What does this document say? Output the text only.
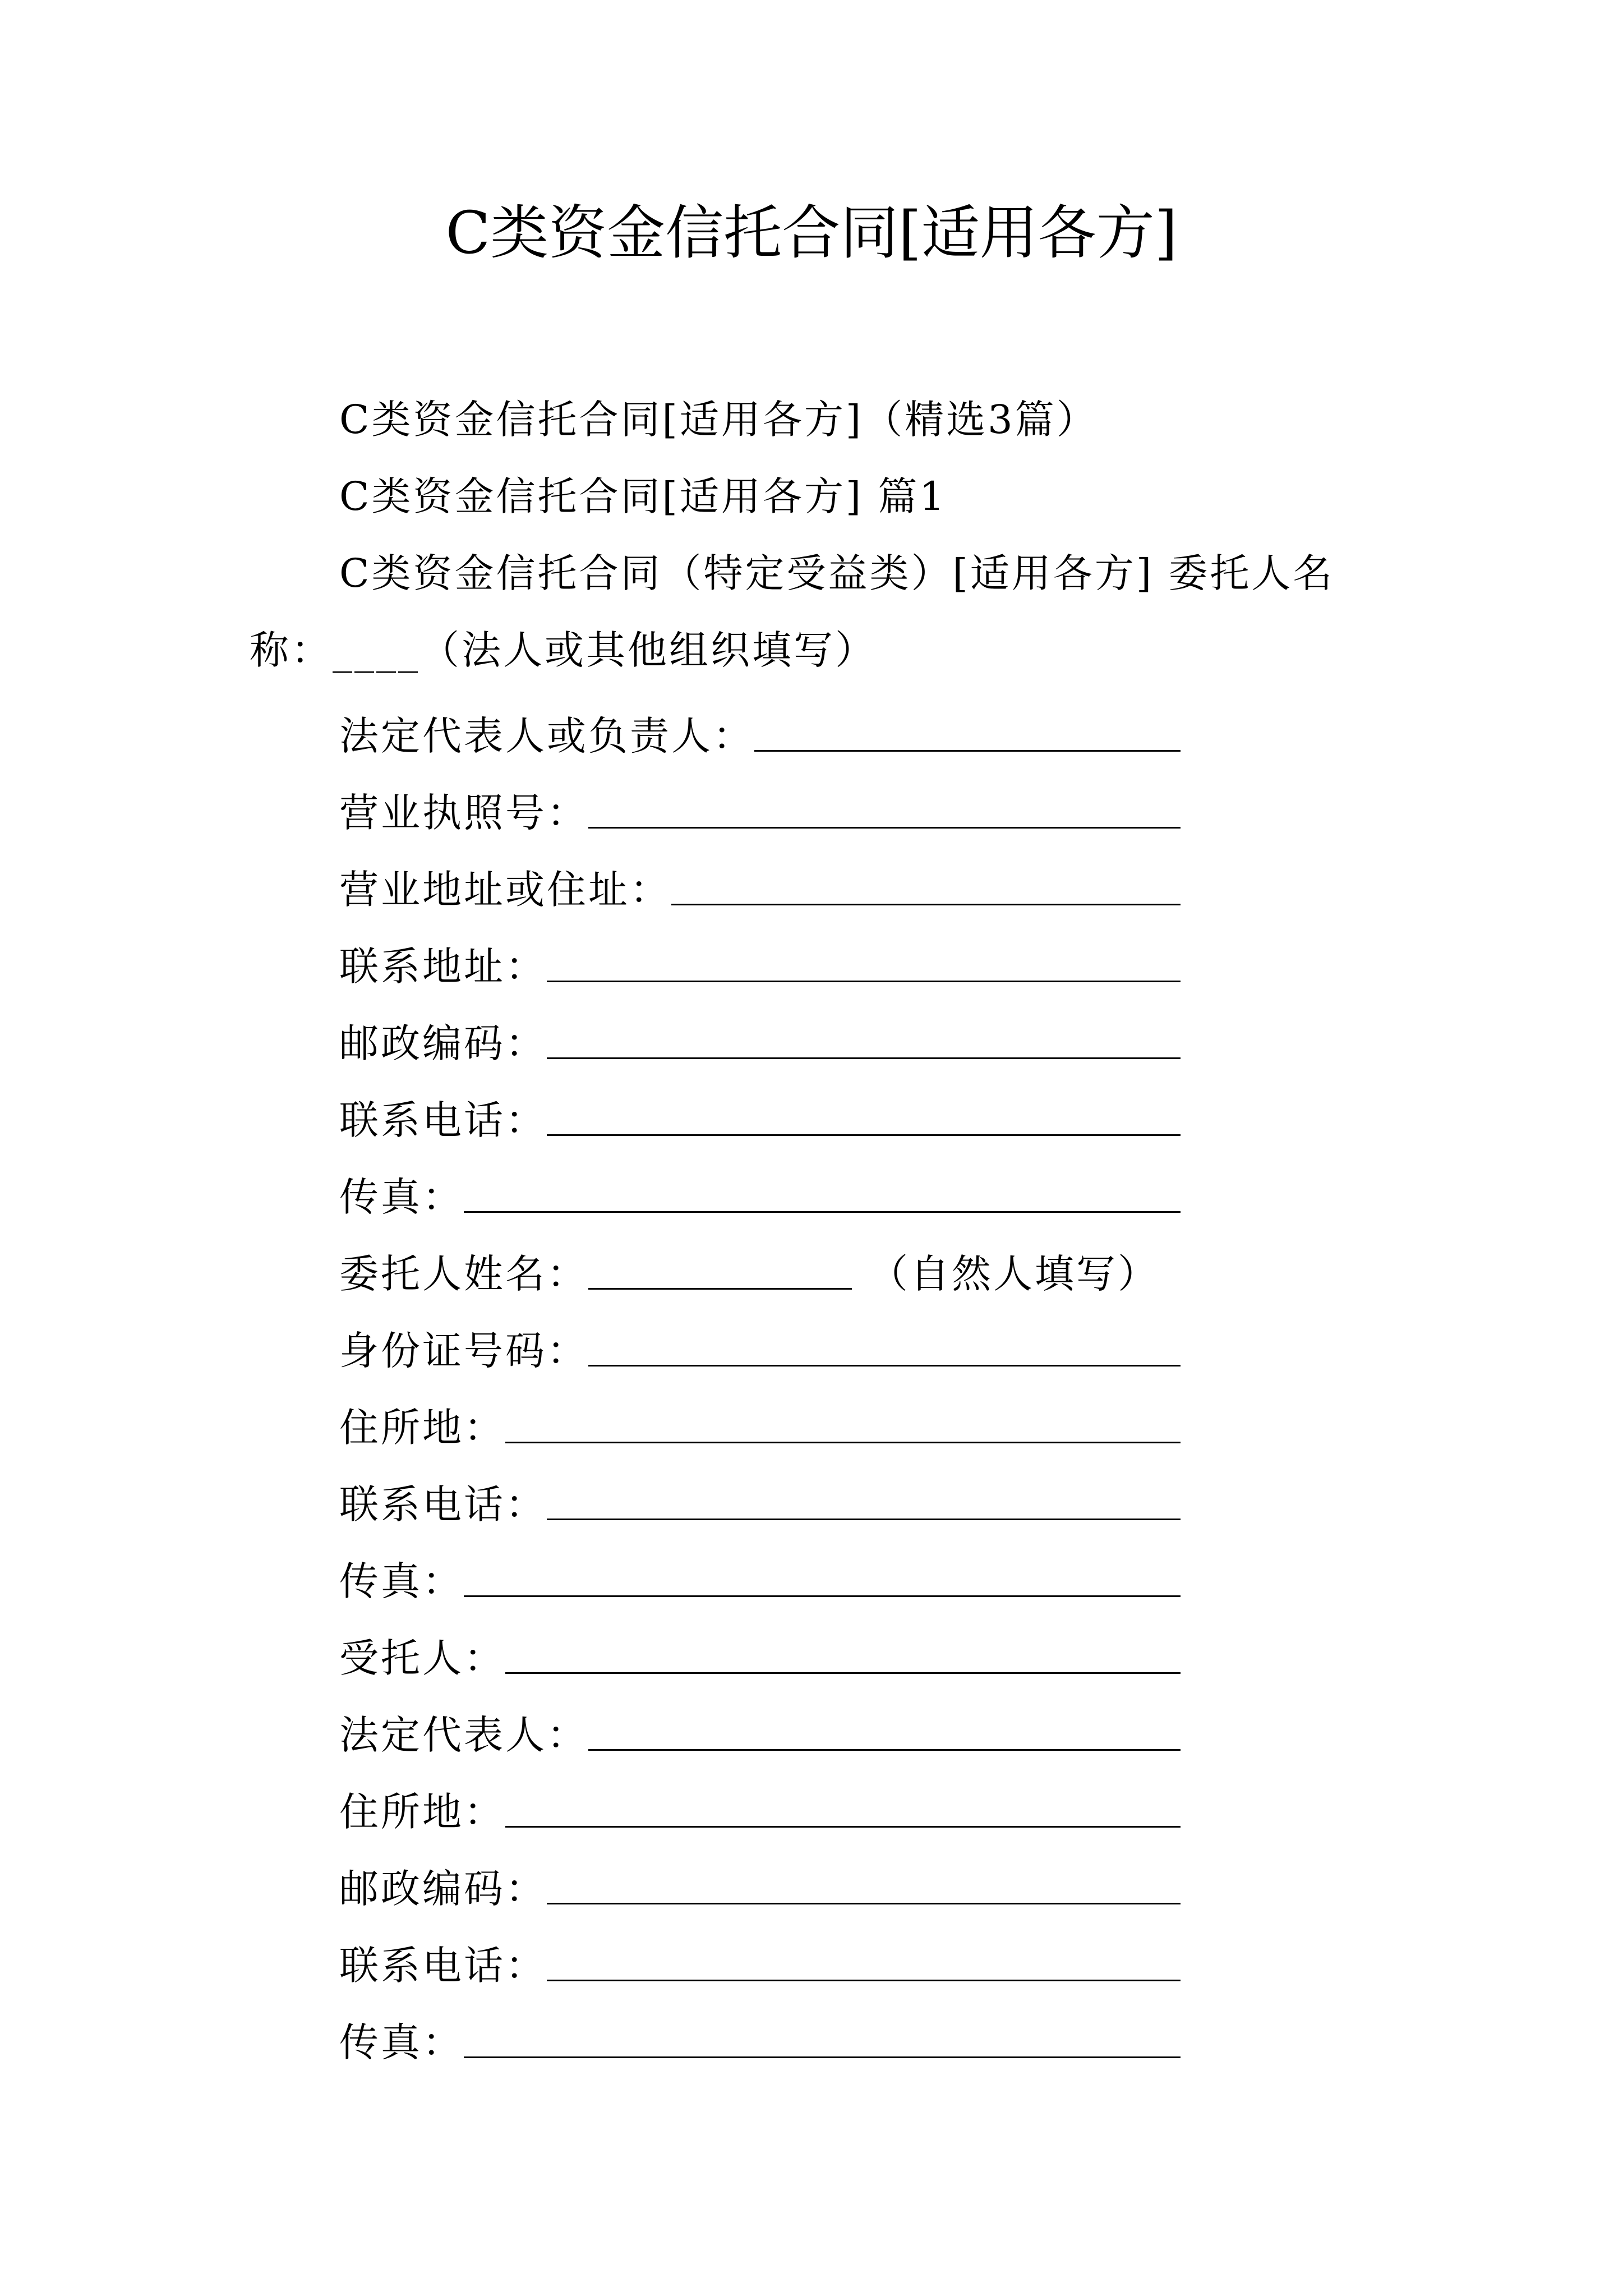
C类资金信托合同[适用各方]
C类资金信托合同[适用各方]（精选3篇）
C类资金信托合同[适用各方] 篇1
C类资金信托合同（特定受益类）[适用各方] 委托人名称：____（法人或其他组织填写）
法定代表人或负责人：
营业执照号：
营业地址或住址：
联系地址：
邮政编码：
联系电话：
传真：
委托人姓名：	（自然人填写）
身份证号码：
住所地：
联系电话：
传真：
受托人：
法定代表人：
住所地：
邮政编码：
联系电话：
传真：
